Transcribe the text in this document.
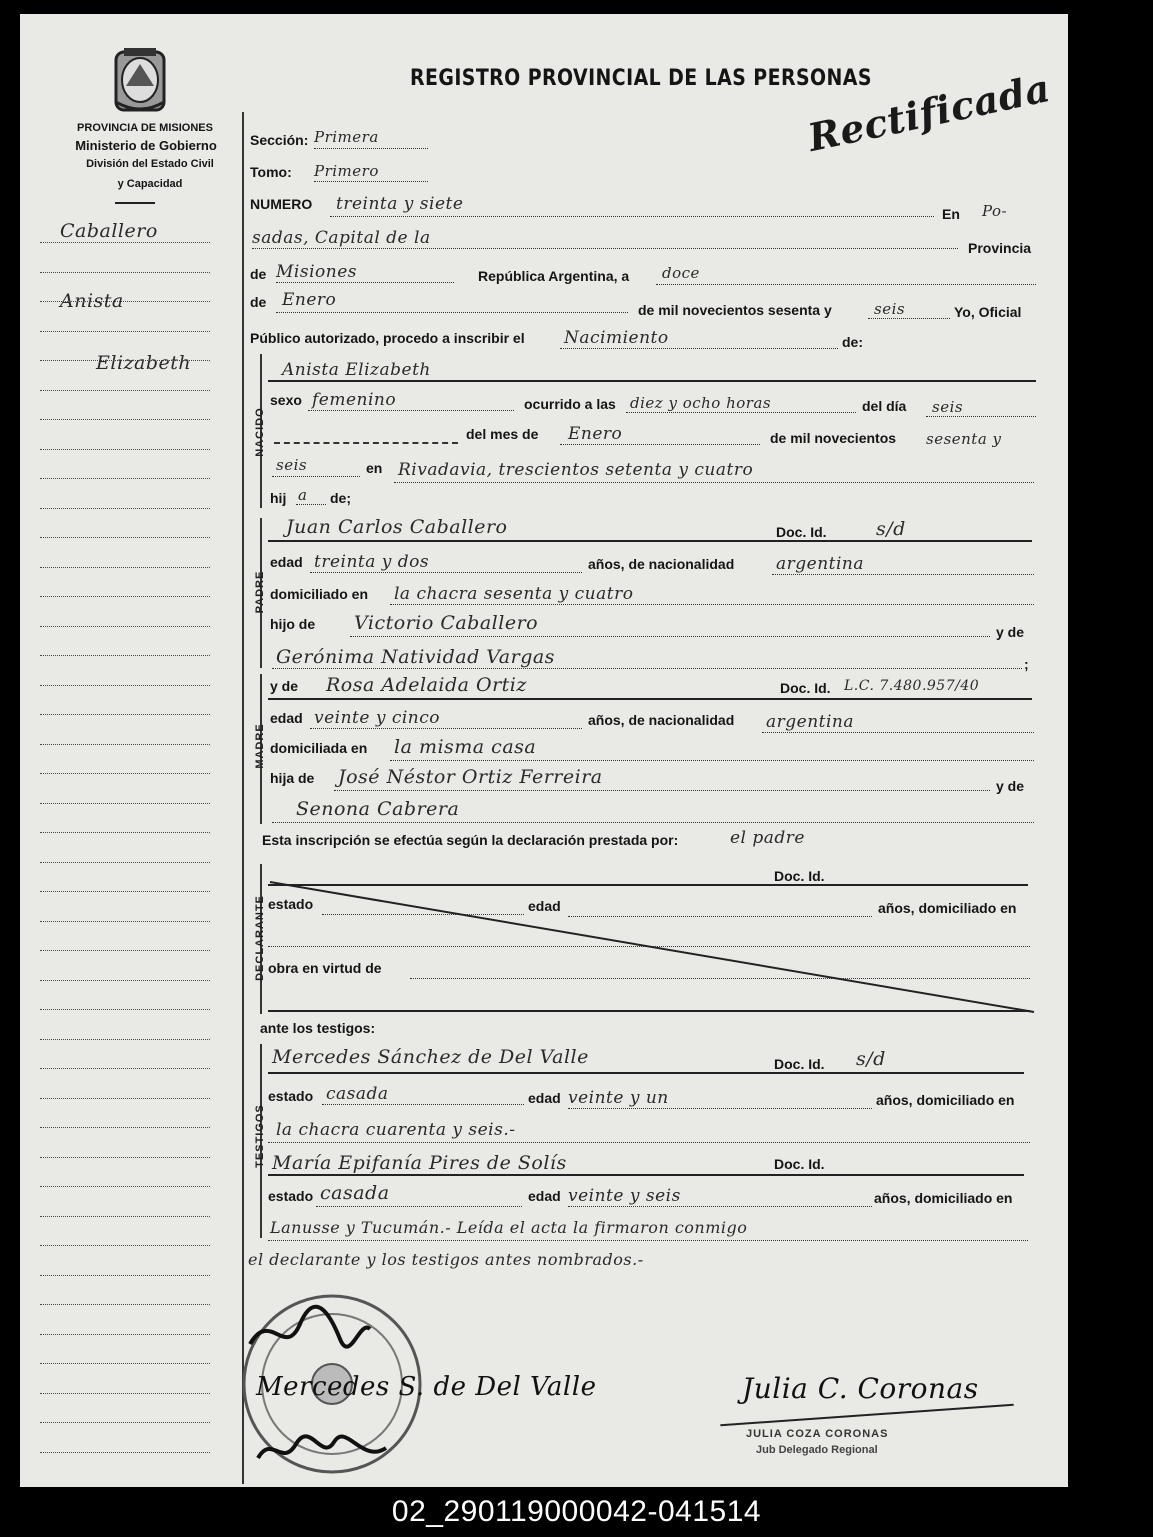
PROVINCIA DE MISIONES
Ministerio de Gobierno
División del Estado Civil
y Capacidad
REGISTRO PROVINCIAL DE LAS PERSONAS
Rectificada
Caballero
Anista
Elizabeth
Sección: Primera
Tomo: Primero
NUMERO treinta y siete	En Po-
sadas, Capital de la	Provincia
de Misiones	República Argentina, a doce
de Enero	de mil novecientos sesenta y	seis	Yo, Oficial
Público autorizado, procedo a inscribir el Nacimiento	de:
NACIDO
Anista Elizabeth
sexo femenino	ocurrido a las diez y ocho horas	del día seis
del mes de Enero	de mil novecientos sesenta y
seis	en Rivadavia, trescientos setenta y cuatro
hij a de;
PADRE
Juan Carlos Caballero	Doc. Id.	s/d
edad treinta y dos	años, de nacionalidad argentina
domiciliado en la chacra sesenta y cuatro
hijo de Victorio Caballero	y de
Gerónima Natividad Vargas	;
MADRE
y de Rosa Adelaida Ortiz	Doc. Id. L.C. 7.480.957/40
edad veinte y cinco	años, de nacionalidad argentina
domiciliada en la misma casa
hija de José Néstor Ortiz Ferreira	y de
Senona Cabrera
Esta inscripción se efectúa según la declaración prestada por:	el padre
DECLARANTE
Doc. Id.
estado	edad	años, domiciliado en
obra en virtud de
ante los testigos:
TESTIGOS
Mercedes Sánchez de Del Valle	Doc. Id. s/d
estado casada	edad veinte y un	años, domiciliado en
la chacra cuarenta y seis.-
María Epifanía Pires de Solís	Doc. Id.
estado casada	edad veinte y seis	años, domiciliado en
Lanusse y Tucumán.- Leída el acta la firmaron conmigo
el declarante y los testigos antes nombrados.-
Mercedes S. de Del Valle	Julia C. Coronas
JULIA COZA CORONAS
Jub Delegado Regional
02_290119000042-041514
